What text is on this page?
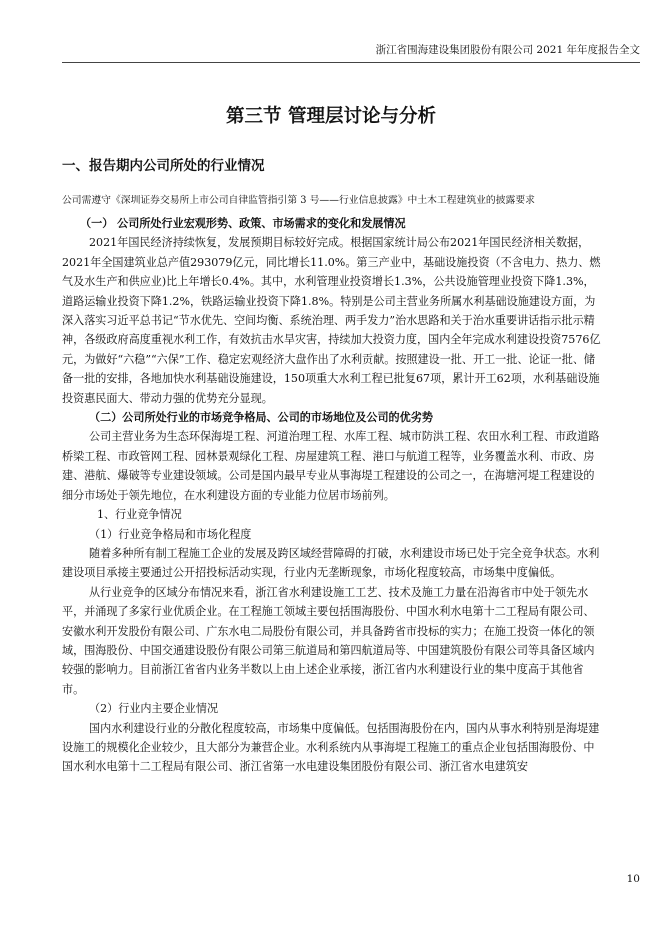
浙江省围海建设集团股份有限公司 2021 年年度报告全文
第三节 管理层讨论与分析
一、报告期内公司所处的行业情况
公司需遵守《深圳证券交易所上市公司自律监管指引第 3 号——行业信息披露》中土木工程建筑业的披露要求

（一） 公司所处行业宏观形势、政策、市场需求的变化和发展情况

2021年国民经济持续恢复，发展预期目标较好完成。根据国家统计局公布2021年国民经济相关数据，2021年全国建筑业总产值293079亿元，同比增长11.0%。第三产业中，基础设施投资（不含电力、热力、燃气及水生产和供应业)比上年增长0.4%。其中，水利管理业投资增长1.3%，公共设施管理业投资下降1.3%，道路运输业投资下降1.2%，铁路运输业投资下降1.8%。特别是公司主营业务所属水利基础设施建设方面，为深入落实习近平总书记“节水优先、空间均衡、系统治理、两手发力”治水思路和关于治水重要讲话指示批示精神，各级政府高度重视水利工作，有效抗击水旱灾害，持续加大投资力度，国内全年完成水利建设投资7576亿元，为做好“六稳”“六保”工作、稳定宏观经济大盘作出了水利贡献。按照建设一批、开工一批、论证一批、储备一批的安排，各地加快水利基础设施建设，150项重大水利工程已批复67项，累计开工62项，水利基础设施投资惠民面大、带动力强的优势充分显现。

（二）公司所处行业的市场竞争格局、公司的市场地位及公司的优劣势

公司主营业务为生态环保海堤工程、河道治理工程、水库工程、城市防洪工程、农田水利工程、市政道路桥梁工程、市政管网工程、园林景观绿化工程、房屋建筑工程、港口与航道工程等，业务覆盖水利、市政、房建、港航、爆破等专业建设领域。公司是国内最早专业从事海堤工程建设的公司之一，在海塘河堤工程建设的细分市场处于领先地位，在水利建设方面的专业能力位居市场前列。

1、行业竞争情况

（1）行业竞争格局和市场化程度

随着多种所有制工程施工企业的发展及跨区域经营障碍的打破，水利建设市场已处于完全竞争状态。水利建设项目承接主要通过公开招投标活动实现，行业内无垄断现象，市场化程度较高，市场集中度偏低。

从行业竞争的区域分布情况来看，浙江省水利建设施工工艺、技术及施工力量在沿海省市中处于领先水平，并涌现了多家行业优质企业。在工程施工领域主要包括围海股份、中国水利水电第十二工程局有限公司、安徽水利开发股份有限公司、广东水电二局股份有限公司，并具备跨省市投标的实力；在施工投资一体化的领域，围海股份、中国交通建设股份有限公司第三航道局和第四航道局等、中国建筑股份有限公司等具备区域内较强的影响力。目前浙江省省内业务半数以上由上述企业承接，浙江省内水利建设行业的集中度高于其他省市。

（2）行业内主要企业情况

国内水利建设行业的分散化程度较高，市场集中度偏低。包括围海股份在内，国内从事水利特别是海堤建设施工的规模化企业较少，且大部分为兼营企业。水利系统内从事海堤工程施工的重点企业包括围海股份、中国水利水电第十二工程局有限公司、浙江省第一水电建设集团股份有限公司、浙江省水电建筑安

10
